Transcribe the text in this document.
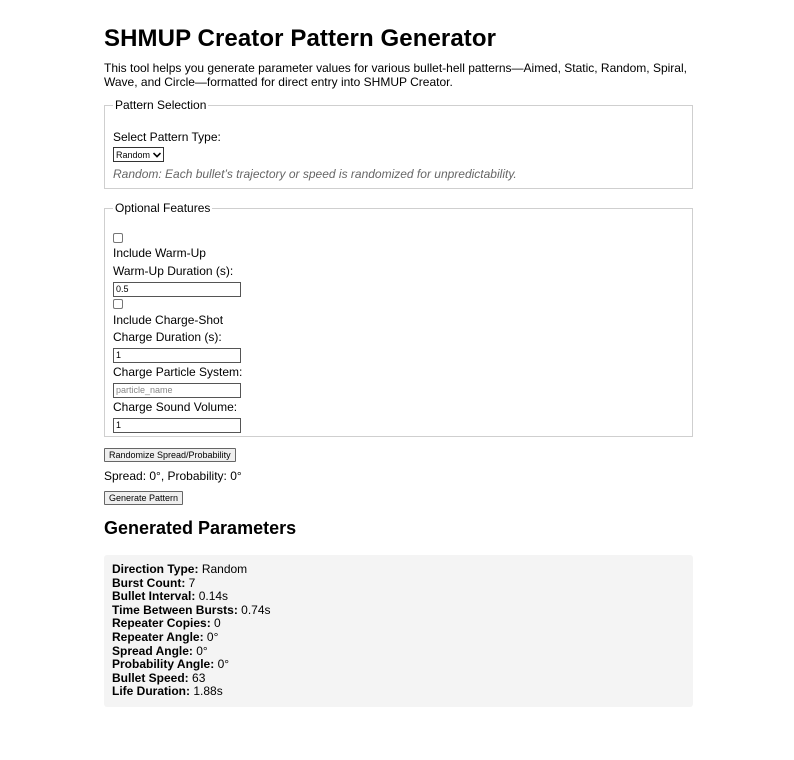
SHMUP Creator Pattern Generator
This tool helps you generate parameter values for various bullet-hell patterns—Aimed, Static, Random, Spiral, Wave, and Circle—formatted for direct entry into SHMUP Creator.
Pattern Selection
Select Pattern Type:
Random
Random: Each bullet’s trajectory or speed is randomized for unpredictability.
Optional Features
Include Warm-Up
Warm-Up Duration (s):
0.5
Include Charge-Shot
Charge Duration (s):
1
Charge Particle System:
particle_name
Charge Sound Volume:
1
Randomize Spread/Probability
Spread: 0°, Probability: 0°
Generate Pattern
Generated Parameters
Direction Type: Random
Burst Count: 7
Bullet Interval: 0.14s
Time Between Bursts: 0.74s
Repeater Copies: 0
Repeater Angle: 0°
Spread Angle: 0°
Probability Angle: 0°
Bullet Speed: 63
Life Duration: 1.88s
